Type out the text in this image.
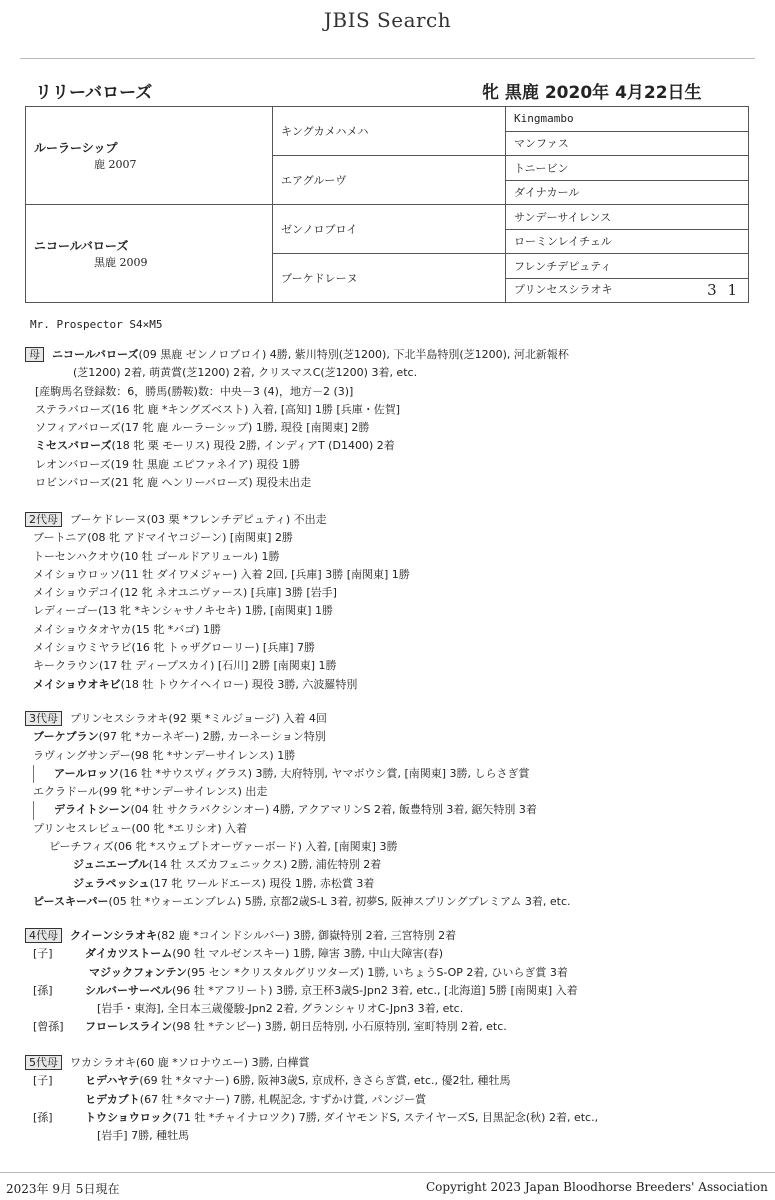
JBIS Search
リリーバローズ	牝 黒鹿 2020年 4月22日生
ルーラーシップ
鹿 2007	キングカメハメハ	Kingmambo
		マンファス
	エアグルーヴ	トニービン
		ダイナカール

ニコールバローズ
黒鹿 2009	ゼンノロブロイ	サンデーサイレンス
		ローミンレイチェル
	ブーケドレーヌ	フレンチデピュティ
		プリンセスシラオキ 3 1
Mr. Prospector S4×M5
母 ニコールバローズ(09 黒鹿 ゼンノロブロイ) 4勝, 紫川特別(芝1200), 下北半島特別(芝1200), 河北新報杯
(芝1200) 2着, 萌黄賞(芝1200) 2着, クリスマスC(芝1200) 3着, etc.
[産駒馬名登録数：6，勝馬(勝鞍)数：中央－3 (4)，地方－2 (3)]
ステラバローズ(16 牝 鹿 *キングズベスト) 入着, [高知] 1勝 [兵庫・佐賀]
ソフィアバローズ(17 牝 鹿 ルーラーシップ) 1勝, 現役 [南関東] 2勝
ミセスバローズ(18 牝 栗 モーリス) 現役 2勝, インディアT (D1400) 2着
レオンバローズ(19 牡 黒鹿 エピファネイア) 現役 1勝
ロビンバローズ(21 牝 鹿 ヘンリーバローズ) 現役未出走
2代母 ブーケドレーヌ(03 栗 *フレンチデピュティ) 不出走
ブートニア(08 牝 アドマイヤコジーン) [南関東] 2勝
トーセンハクオウ(10 牡 ゴールドアリュール) 1勝
メイショウロッソ(11 牡 ダイワメジャー) 入着 2回, [兵庫] 3勝 [南関東] 1勝
メイショウデコイ(12 牝 ネオユニヴァース) [兵庫] 3勝 [岩手]
レディーゴー(13 牝 *キンシャサノキセキ) 1勝, [南関東] 1勝
メイショウタオヤカ(15 牝 *バゴ) 1勝
メイショウミヤラビ(16 牝 トゥザグローリー) [兵庫] 7勝
キークラウン(17 牡 ディープスカイ) [石川] 2勝 [南関東] 1勝
メイショウオキビ(18 牡 トウケイヘイロー) 現役 3勝, 六波羅特別
3代母 プリンセスシラオキ(92 栗 *ミルジョージ) 入着 4回
ブーケブラン(97 牝 *カーネギー) 2勝, カーネーション特別
ラヴィングサンデー(98 牝 *サンデーサイレンス) 1勝
アールロッソ(16 牡 *サウスヴィグラス) 3勝, 大府特別, ヤマボウシ賞, [南関東] 3勝, しらさぎ賞
エクラドール(99 牝 *サンデーサイレンス) 出走
デライトシーン(04 牡 サクラバクシンオー) 4勝, アクアマリンS 2着, 飯豊特別 3着, 鋸矢特別 3着
プリンセスレビュー(00 牝 *エリシオ) 入着
ピーチフィズ(06 牝 *スウェプトオーヴァーボード) 入着, [南関東] 3勝
ジュニエーブル(14 牡 スズカフェニックス) 2勝, 浦佐特別 2着
ジェラペッシュ(17 牝 ワールドエース) 現役 1勝, 赤松賞 3着
ピースキーパー(05 牡 *ウォーエンブレム) 5勝, 京都2歳S-L 3着, 初夢S, 阪神スプリングプレミアム 3着, etc.
4代母 クイーンシラオキ(82 鹿 *コインドシルバー) 3勝, 御嶽特別 2着, 三宮特別 2着
[子]	ダイカツストーム(90 牡 マルゼンスキー) 1勝, 障害 3勝, 中山大障害(春)
マジックフォンテン(95 セン *クリスタルグリツターズ) 1勝, いちょうS-OP 2着, ひいらぎ賞 3着
[孫]	シルバーサーベル(96 牡 *アフリート) 3勝, 京王杯3歳S-Jpn2 3着, etc., [北海道] 5勝 [南関東] 入着
[岩手・東海], 全日本三歳優駿-Jpn2 2着, グランシャリオC-Jpn3 3着, etc.
[曾孫]フローレスライン(98 牡 *テンビー) 3勝, 朝日岳特別, 小石原特別, 室町特別 2着, etc.
5代母 ワカシラオキ(60 鹿 *ソロナウエー) 3勝, 白樺賞
[子]	ヒデハヤテ(69 牡 *タマナー) 6勝, 阪神3歳S, 京成杯, きさらぎ賞, etc., 優2牡, 種牡馬
ヒデカブト(67 牡 *タマナー) 7勝, 札幌記念, すずかけ賞, パンジー賞
[孫]	トウショウロック(71 牡 *チャイナロツク) 7勝, ダイヤモンドS, ステイヤーズS, 目黒記念(秋) 2着, etc.,
[岩手] 7勝, 種牡馬
2023年 9月 5日現在	Copyright 2023 Japan Bloodhorse Breeders' Association
